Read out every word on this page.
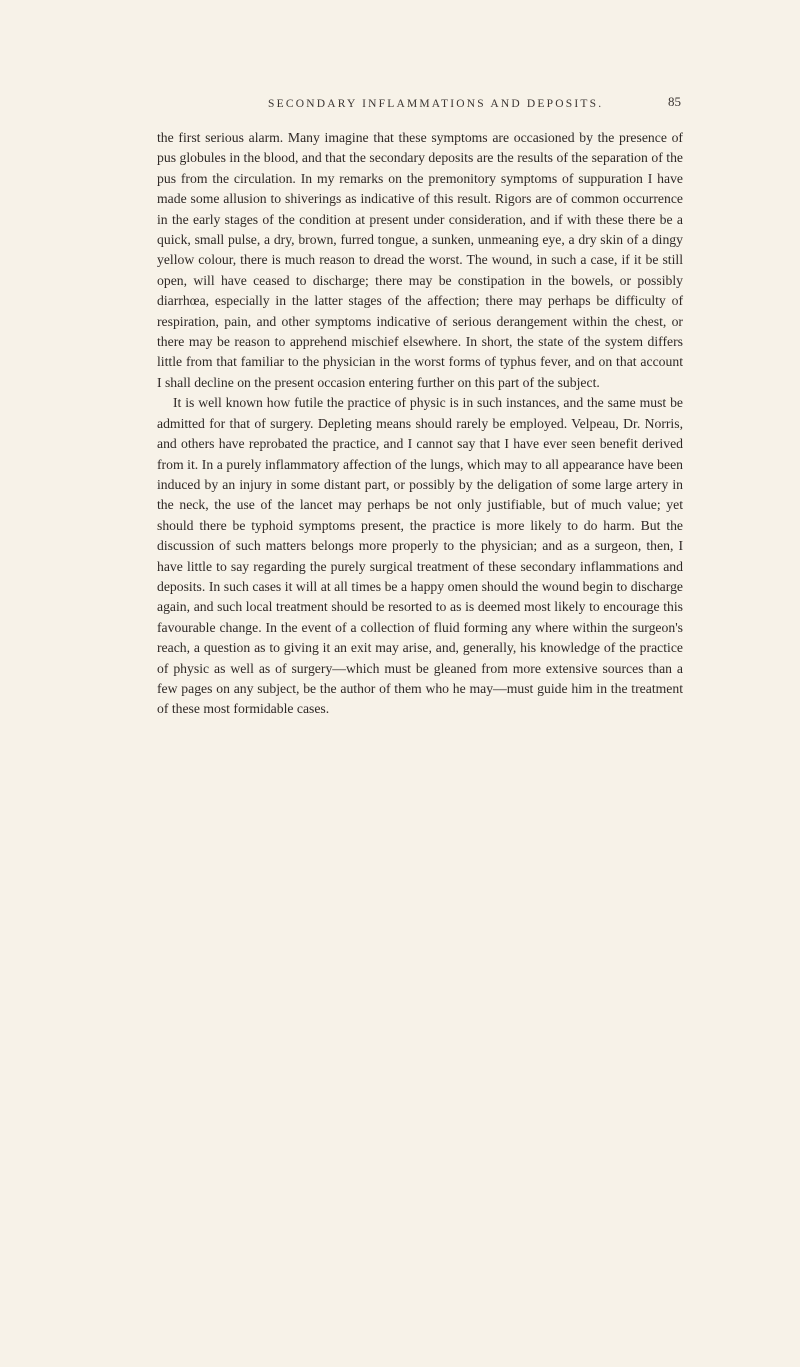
SECONDARY INFLAMMATIONS AND DEPOSITS.	85

the first serious alarm. Many imagine that these symptoms are occasioned by the presence of pus globules in the blood, and that the secondary deposits are the results of the separation of the pus from the circulation. In my remarks on the premonitory symptoms of suppuration I have made some allusion to shiverings as indicative of this result. Rigors are of common occurrence in the early stages of the condition at present under consideration, and if with these there be a quick, small pulse, a dry, brown, furred tongue, a sunken, unmeaning eye, a dry skin of a dingy yellow colour, there is much reason to dread the worst. The wound, in such a case, if it be still open, will have ceased to discharge; there may be constipation in the bowels, or possibly diarrhœa, especially in the latter stages of the affection; there may perhaps be difficulty of respiration, pain, and other symptoms indicative of serious derangement within the chest, or there may be reason to apprehend mischief elsewhere. In short, the state of the system differs little from that familiar to the physician in the worst forms of typhus fever, and on that account I shall decline on the present occasion entering further on this part of the subject.

It is well known how futile the practice of physic is in such instances, and the same must be admitted for that of surgery. Depleting means should rarely be employed. Velpeau, Dr. Norris, and others have reprobated the practice, and I cannot say that I have ever seen benefit derived from it. In a purely inflammatory affection of the lungs, which may to all appearance have been induced by an injury in some distant part, or possibly by the deligation of some large artery in the neck, the use of the lancet may perhaps be not only justifiable, but of much value; yet should there be typhoid symptoms present, the practice is more likely to do harm. But the discussion of such matters belongs more properly to the physician; and as a surgeon, then, I have little to say regarding the purely surgical treatment of these secondary inflammations and deposits. In such cases it will at all times be a happy omen should the wound begin to discharge again, and such local treatment should be resorted to as is deemed most likely to encourage this favourable change. In the event of a collection of fluid forming any where within the surgeon's reach, a question as to giving it an exit may arise, and, generally, his knowledge of the practice of physic as well as of surgery—which must be gleaned from more extensive sources than a few pages on any subject, be the author of them who he may—must guide him in the treatment of these most formidable cases.
